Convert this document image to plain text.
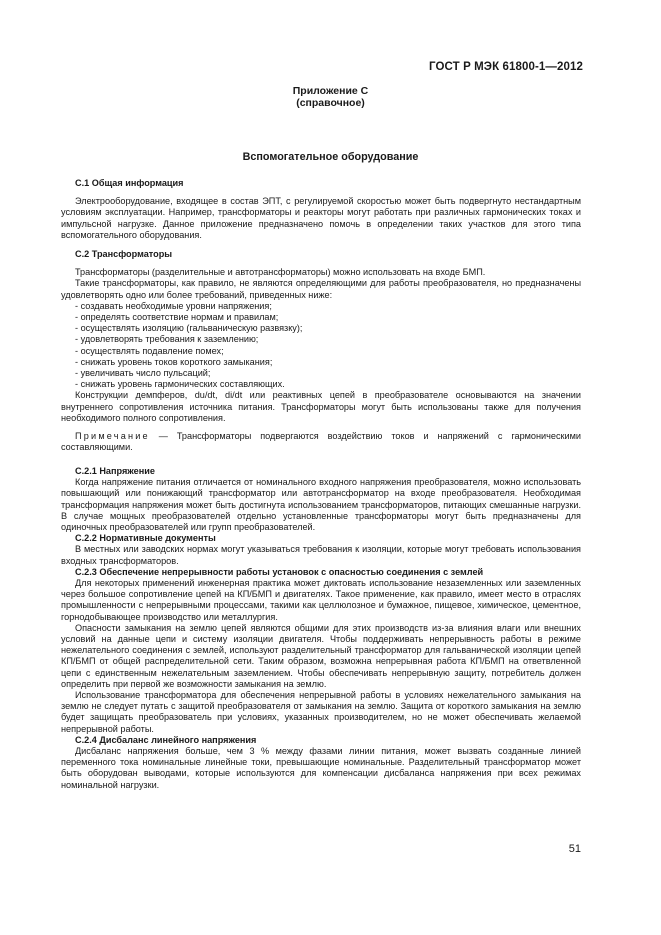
ГОСТ Р МЭК 61800-1—2012
Приложение С
(справочное)
Вспомогательное оборудование

С.1 Общая информация

Электрооборудование, входящее в состав ЭПТ, с регулируемой скоростью может быть подвергнуто нестандартным условиям эксплуатации. Например, трансформаторы и реакторы могут работать при различных гармонических токах и импульсной нагрузке. Данное приложение предназначено помочь в определении таких участков для этого типа вспомогательного оборудования.

С.2 Трансформаторы

Трансформаторы (разделительные и автотрансформаторы) можно использовать на входе БМП.

Такие трансформаторы, как правило, не являются определяющими для работы преобразователя, но предназначены удовлетворять одно или более требований, приведенных ниже:

- создавать необходимые уровни напряжения;

- определять соответствие нормам и правилам;

- осуществлять изоляцию (гальваническую развязку);

- удовлетворять требования к заземлению;

- осуществлять подавление помех;

- снижать уровень токов короткого замыкания;

- увеличивать число пульсаций;

- снижать уровень гармонических составляющих.

Конструкции демпферов, du/dt, di/dt или реактивных цепей в преобразователе основываются на значении внутреннего сопротивления источника питания. Трансформаторы могут быть использованы также для получения необходимого полного сопротивления.

Примечание — Трансформаторы подвергаются воздействию токов и напряжений с гармоническими составляющими.

С.2.1 Напряжение

Когда напряжение питания отличается от номинального входного напряжения преобразователя, можно использовать повышающий или понижающий трансформатор или автотрансформатор на входе преобразователя. Необходимая трансформация напряжения может быть достигнута использованием трансформаторов, питающих смешанные нагрузки. В случае мощных преобразователей отдельно установленные трансформаторы могут быть предназначены для одиночных преобразователей или групп преобразователей.

С.2.2 Нормативные документы

В местных или заводских нормах могут указываться требования к изоляции, которые могут требовать использования входных трансформаторов.

С.2.3 Обеспечение непрерывности работы установок с опасностью соединения с землей

Для некоторых применений инженерная практика может диктовать использование незаземленных или заземленных через большое сопротивление цепей на КП/БМП и двигателях. Такое применение, как правило, имеет место в отраслях промышленности с непрерывными процессами, такими как целлюлозное и бумажное, пищевое, химическое, цементное, горнодобывающее производство или металлургия.

Опасности замыкания на землю цепей являются общими для этих производств из-за влияния влаги или внешних условий на данные цепи и систему изоляции двигателя. Чтобы поддерживать непрерывность работы в режиме нежелательного соединения с землей, используют разделительный трансформатор для гальванической изоляции цепей КП/БМП от общей распределительной сети. Таким образом, возможна непрерывная работа КП/БМП на ответвленной цепи с единственным нежелательным заземлением. Чтобы обеспечивать непрерывную защиту, потребитель должен определить при первой же возможности замыкания на землю.

Использование трансформатора для обеспечения непрерывной работы в условиях нежелательного замыкания на землю не следует путать с защитой преобразователя от замыкания на землю. Защита от короткого замыкания на землю будет защищать преобразователь при условиях, указанных производителем, но не может обеспечивать желаемой непрерывной работы.

С.2.4 Дисбаланс линейного напряжения

Дисбаланс напряжения больше, чем 3 % между фазами линии питания, может вызвать созданные линией переменного тока номинальные линейные токи, превышающие номинальные. Разделительный трансформатор может быть оборудован выводами, которые используются для компенсации дисбаланса напряжения при всех режимах номинальной нагрузки.

51
